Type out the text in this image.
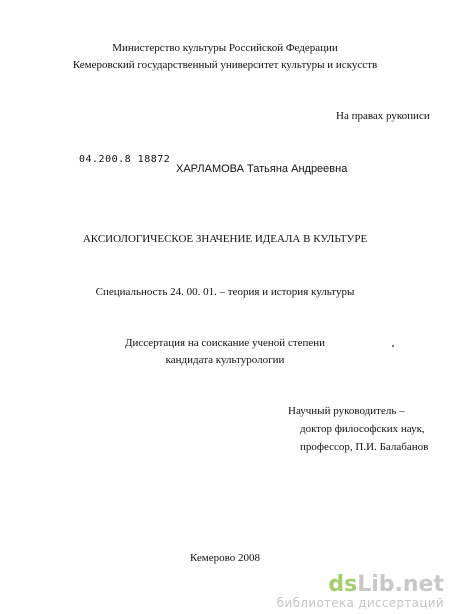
Министерство культуры Российской Федерации
Кемеровский государственный университет культуры и искусств
На правах рукописи
04.200.8 18872
ХАРЛАМОВА Татьяна Андреевна
АКСИОЛОГИЧЕСКОЕ ЗНАЧЕНИЕ ИДЕАЛА В КУЛЬТУРЕ
Специальность 24. 00. 01. – теория и история культуры
Диссертация на соискание ученой степени
кандидата культурологии
Научный руководитель –
доктор философских наук,
профессор, П.И. Балабанов
Кемерово 2008
dsLib.net
библиотека диссертаций
